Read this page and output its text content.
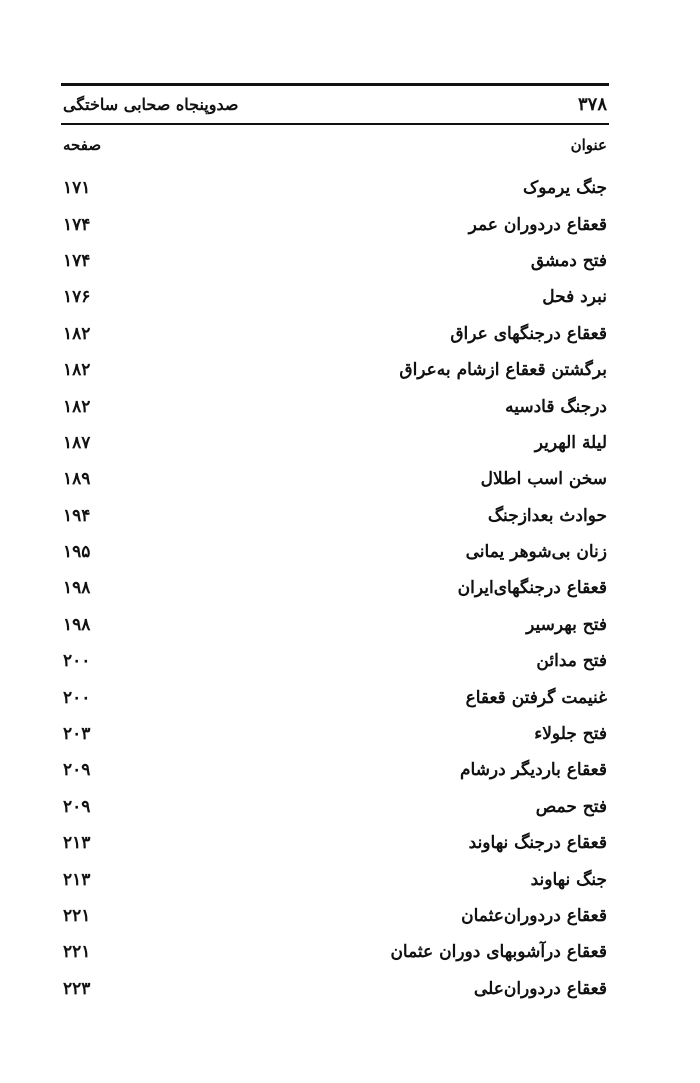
صدوپنجاه صحابی ساختگی	۳۷۸
صفحه	عنوان
۱۷۱	جنگ یرموک
۱۷۴	قعقاع دردوران عمر
۱۷۴	فتح دمشق
۱۷۶	نبرد فحل
۱۸۲	قعقاع درجنگهای عراق
۱۸۲	برگشتن قعقاع ازشام به‌عراق
۱۸۲	درجنگ قادسیه
۱۸۷	لیلة الهریر
۱۸۹	سخن اسب اطلال
۱۹۴	حوادث بعدازجنگ
۱۹۵	زنان بی‌شوهر یمانی
۱۹۸	قعقاع درجنگهای‌ایران
۱۹۸	فتح بهرسیر
۲۰۰	فتح مدائن
۲۰۰	غنیمت گرفتن قعقاع
۲۰۳	فتح جلولاء
۲۰۹	قعقاع باردیگر درشام
۲۰۹	فتح حمص
۲۱۳	قعقاع درجنگ نهاوند
۲۱۳	جنگ نهاوند
۲۲۱	قعقاع دردوران‌عثمان
۲۲۱	قعقاع درآشوبهای دوران عثمان
۲۲۳	قعقاع دردوران‌علی
